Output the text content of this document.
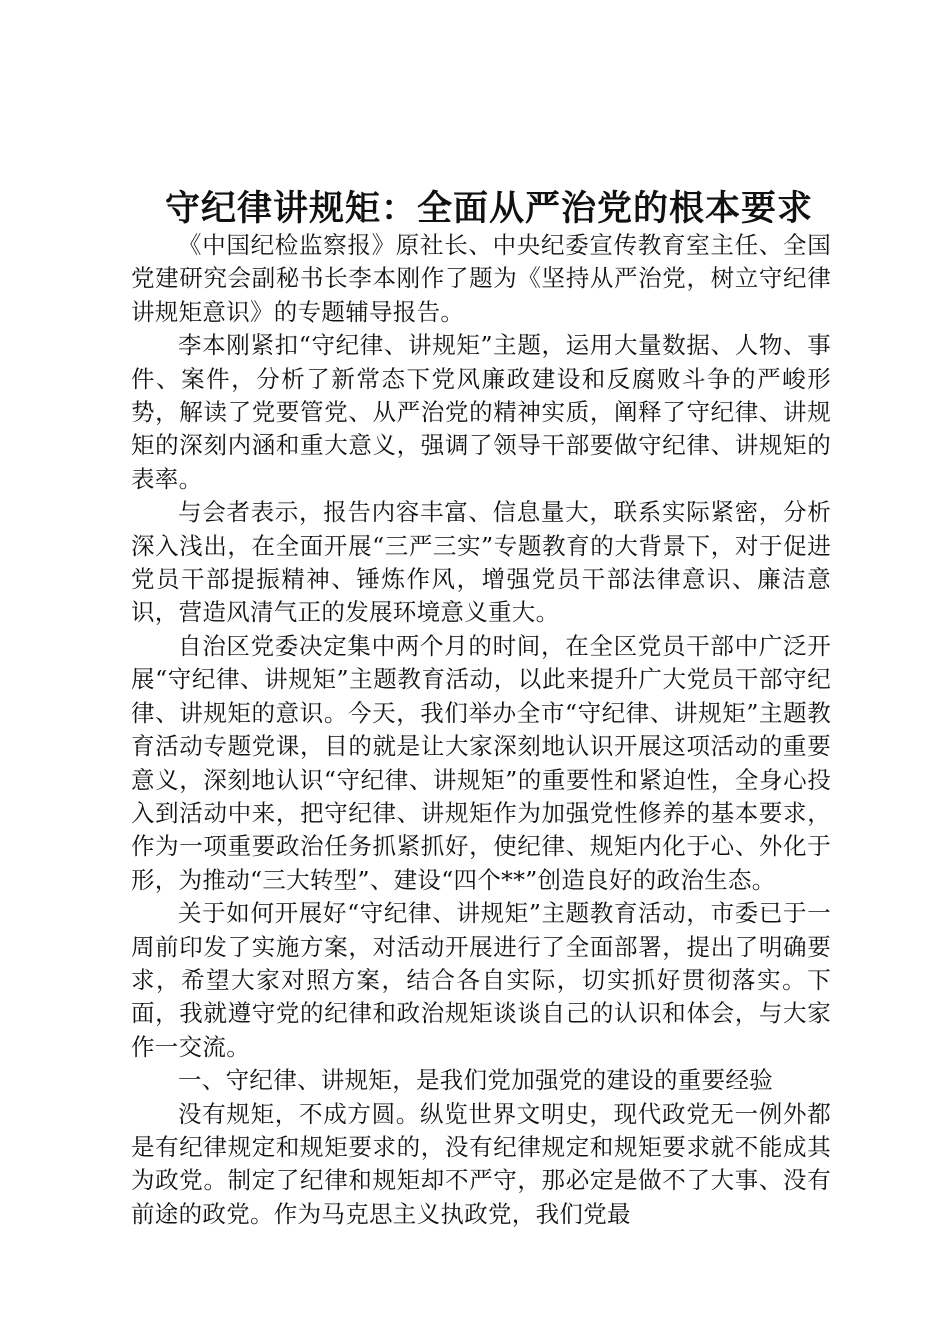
守纪律讲规矩：全面从严治党的根本要求

《中国纪检监察报》原社长、中央纪委宣传教育室主任、全国党建研究会副秘书长李本刚作了题为《坚持从严治党，树立守纪律讲规矩意识》的专题辅导报告。

李本刚紧扣“守纪律、讲规矩”主题，运用大量数据、人物、事件、案件，分析了新常态下党风廉政建设和反腐败斗争的严峻形势，解读了党要管党、从严治党的精神实质，阐释了守纪律、讲规矩的深刻内涵和重大意义，强调了领导干部要做守纪律、讲规矩的表率。

与会者表示，报告内容丰富、信息量大，联系实际紧密，分析深入浅出，在全面开展“三严三实”专题教育的大背景下，对于促进党员干部提振精神、锤炼作风，增强党员干部法律意识、廉洁意识，营造风清气正的发展环境意义重大。

自治区党委决定集中两个月的时间，在全区党员干部中广泛开展“守纪律、讲规矩”主题教育活动，以此来提升广大党员干部守纪律、讲规矩的意识。今天，我们举办全市“守纪律、讲规矩”主题教育活动专题党课，目的就是让大家深刻地认识开展这项活动的重要意义，深刻地认识“守纪律、讲规矩”的重要性和紧迫性，全身心投入到活动中来，把守纪律、讲规矩作为加强党性修养的基本要求，作为一项重要政治任务抓紧抓好，使纪律、规矩内化于心、外化于形，为推动“三大转型”、建设“四个**”创造良好的政治生态。

关于如何开展好“守纪律、讲规矩”主题教育活动，市委已于一周前印发了实施方案，对活动开展进行了全面部署，提出了明确要求，希望大家对照方案，结合各自实际，切实抓好贯彻落实。下面，我就遵守党的纪律和政治规矩谈谈自己的认识和体会，与大家作一交流。

一、守纪律、讲规矩，是我们党加强党的建设的重要经验

没有规矩，不成方圆。纵览世界文明史，现代政党无一例外都是有纪律规定和规矩要求的，没有纪律规定和规矩要求就不能成其为政党。制定了纪律和规矩却不严守，那必定是做不了大事、没有前途的政党。作为马克思主义执政党，我们党最
